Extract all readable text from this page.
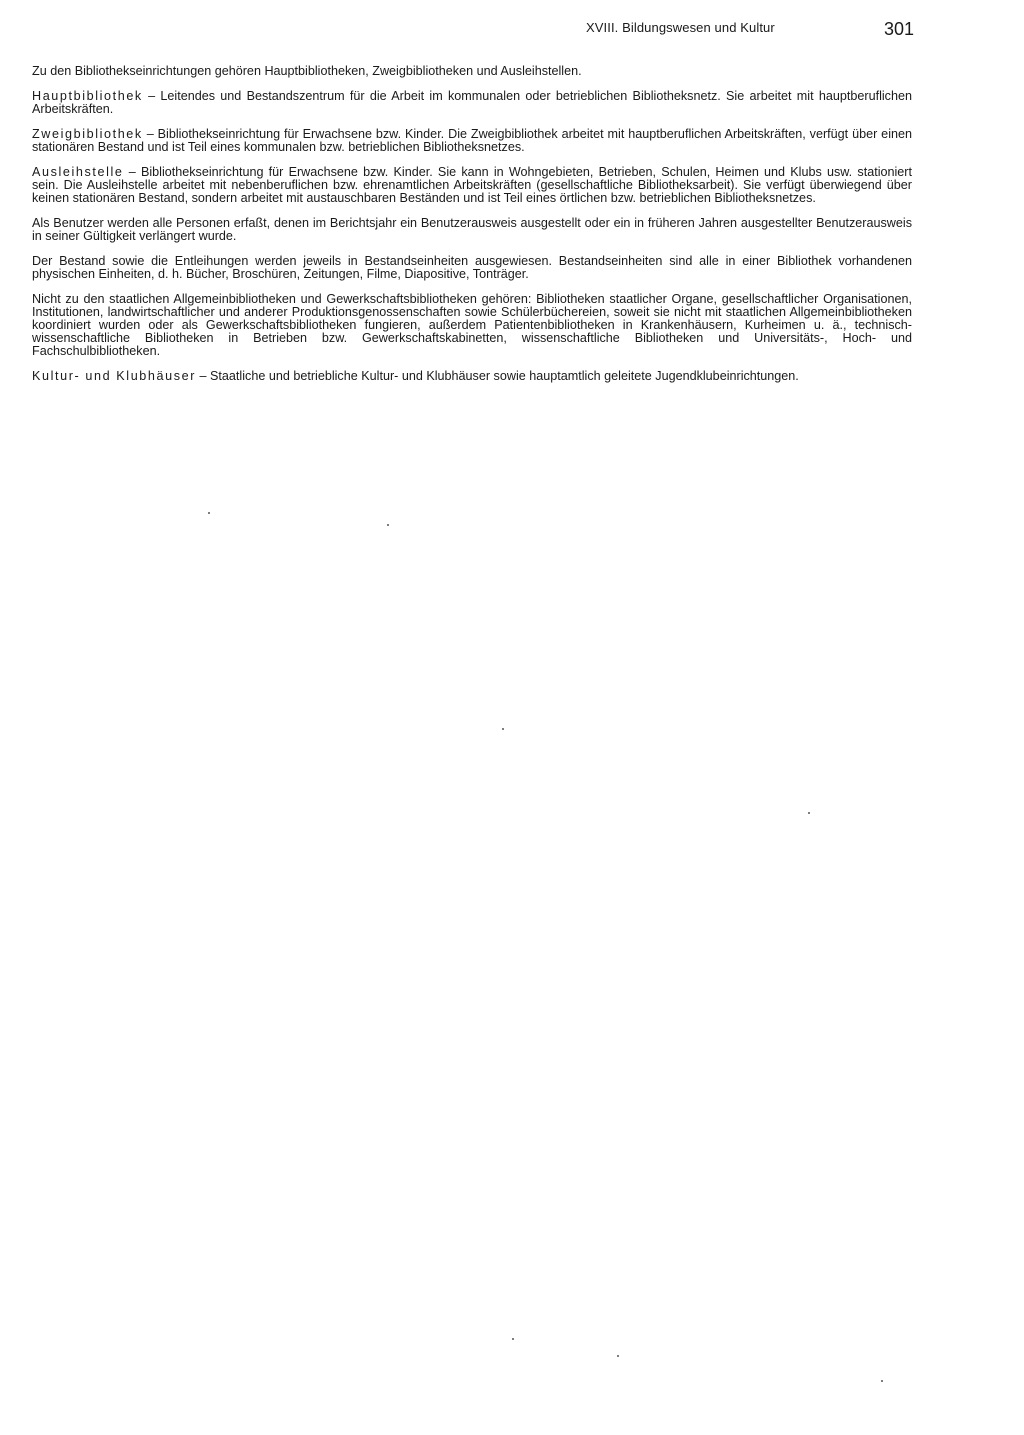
XVIII. Bildungswesen und Kultur	301

Zu den Bibliothekseinrichtungen gehören Hauptbibliotheken, Zweigbibliotheken und Ausleihstellen.

Hauptbibliothek – Leitendes und Bestandszentrum für die Arbeit im kommunalen oder betrieblichen Bibliotheksnetz. Sie arbeitet mit hauptberuflichen Arbeitskräften.

Zweigbibliothek – Bibliothekseinrichtung für Erwachsene bzw. Kinder. Die Zweigbibliothek arbeitet mit hauptberuflichen Arbeitskräften, verfügt über einen stationären Bestand und ist Teil eines kommunalen bzw. betrieblichen Bibliotheksnetzes.

Ausleihstelle – Bibliothekseinrichtung für Erwachsene bzw. Kinder. Sie kann in Wohngebieten, Betrieben, Schulen, Heimen und Klubs usw. stationiert sein. Die Ausleihstelle arbeitet mit nebenberuflichen bzw. ehrenamtlichen Arbeitskräften (gesellschaftliche Bibliotheksarbeit). Sie verfügt überwiegend über keinen stationären Bestand, sondern arbeitet mit austauschbaren Beständen und ist Teil eines örtlichen bzw. betrieblichen Bibliotheksnetzes.

Als Benutzer werden alle Personen erfaßt, denen im Berichtsjahr ein Benutzerausweis ausgestellt oder ein in früheren Jahren ausgestellter Benutzerausweis in seiner Gültigkeit verlängert wurde.

Der Bestand sowie die Entleihungen werden jeweils in Bestandseinheiten ausgewiesen. Bestandseinheiten sind alle in einer Bibliothek vorhandenen physischen Einheiten, d. h. Bücher, Broschüren, Zeitungen, Filme, Diapositive, Tonträger.

Nicht zu den staatlichen Allgemeinbibliotheken und Gewerkschaftsbibliotheken gehören: Bibliotheken staatlicher Organe, gesellschaftlicher Organisationen, Institutionen, landwirtschaftlicher und anderer Produktionsgenossenschaften sowie Schülerbüchereien, soweit sie nicht mit staatlichen Allgemeinbibliotheken koordiniert wurden oder als Gewerkschaftsbibliotheken fungieren, außerdem Patientenbibliotheken in Krankenhäusern, Kurheimen u. ä., technisch-wissenschaftliche Bibliotheken in Betrieben bzw. Gewerkschaftskabinetten, wissenschaftliche Bibliotheken und Universitäts-, Hoch- und Fachschulbibliotheken.

Kultur- und Klubhäuser – Staatliche und betriebliche Kultur- und Klubhäuser sowie hauptamtlich geleitete Jugendklubeinrichtungen.
